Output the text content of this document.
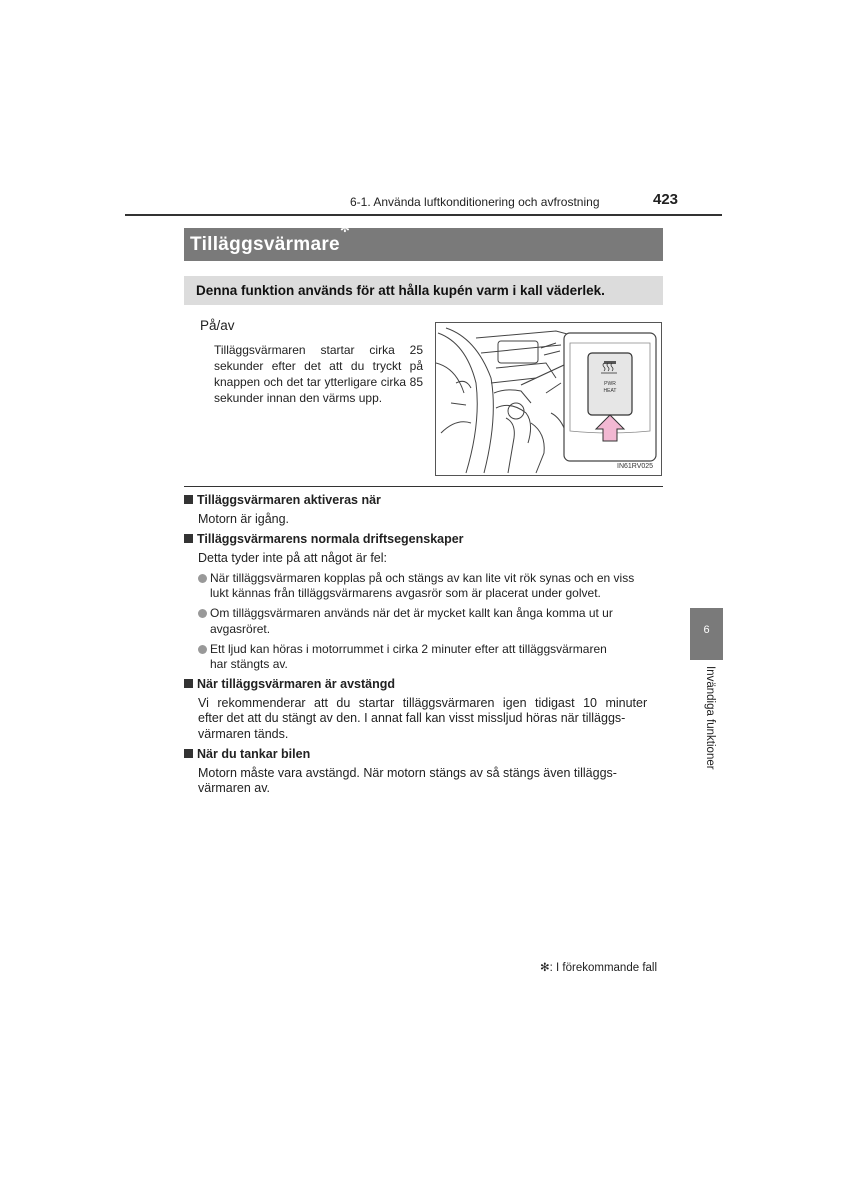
6-1. Använda luftkonditionering och avfrostning	423
Tilläggsvärmare✻
Denna funktion används för att hålla kupén varm i kall väderlek.
På/av
Tilläggsvärmaren startar cirka 25 sekunder efter det att du tryckt på knappen och det tar ytterligare cirka 85 sekunder innan den värms upp.
PWR
HEAT
IN61RV025
Tilläggsvärmaren aktiveras när
Motorn är igång.
Tilläggsvärmarens normala driftsegenskaper
Detta tyder inte på att något är fel:
När tilläggsvärmaren kopplas på och stängs av kan lite vit rök synas och en viss
lukt kännas från tilläggsvärmarens avgasrör som är placerat under golvet.
Om tilläggsvärmaren används när det är mycket kallt kan ånga komma ut ur
avgasröret.
Ett ljud kan höras i motorrummet i cirka 2 minuter efter att tilläggsvärmaren
har stängts av.
När tilläggsvärmaren är avstängd
Vi rekommenderar att du startar tilläggsvärmaren igen tidigast 10 minuter
efter det att du stängt av den. I annat fall kan visst missljud höras när tilläggs-
värmaren tänds.
När du tankar bilen
Motorn måste vara avstängd. När motorn stängs av så stängs även tilläggs-
värmaren av.
6
Invändiga funktioner
✻: I förekommande fall
